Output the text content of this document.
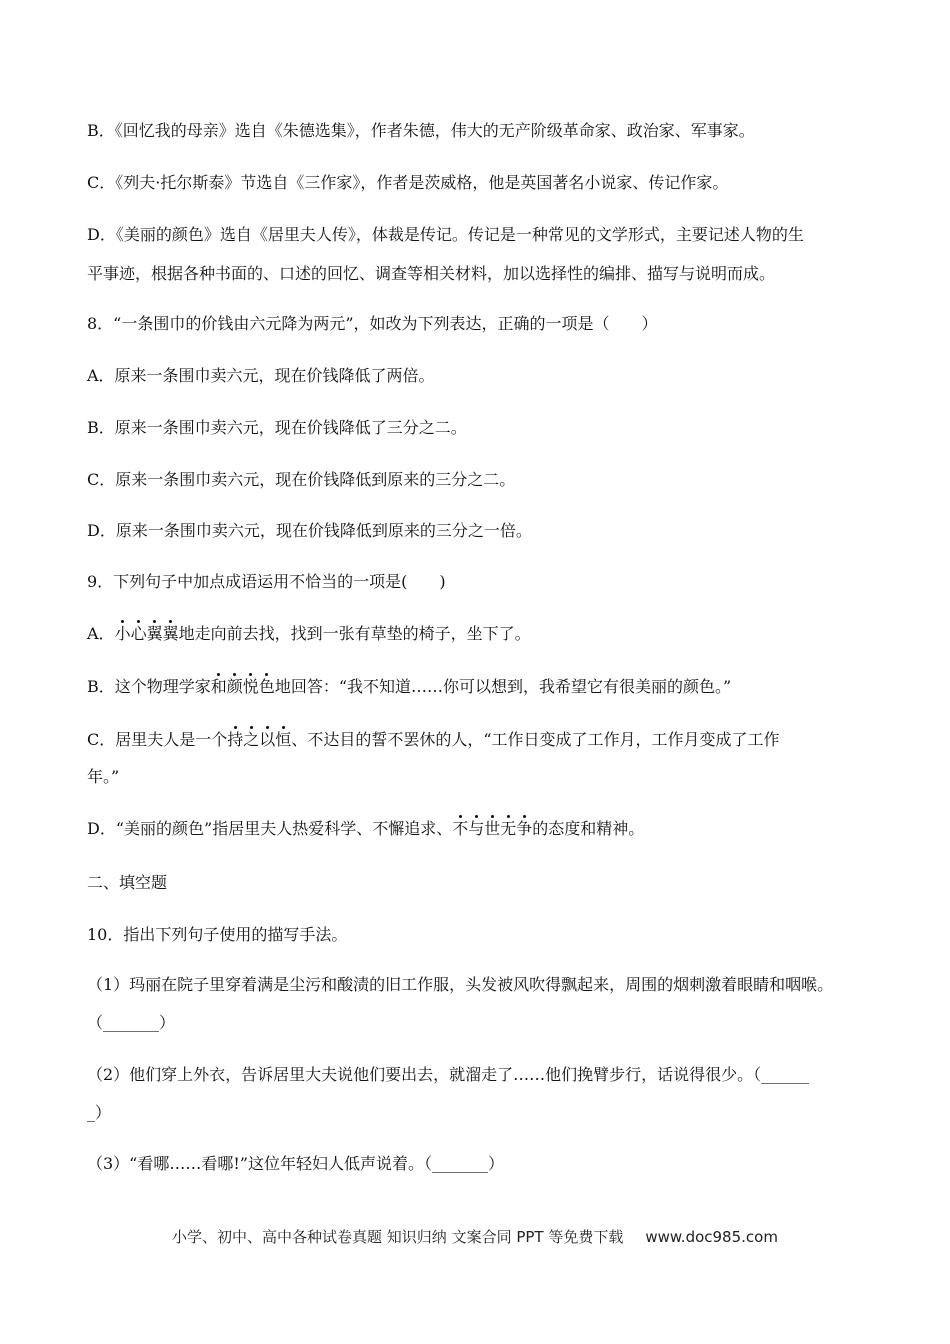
B．《回忆我的母亲》选自《朱德选集》，作者朱德，伟大的无产阶级革命家、政治家、军事家。
C．《列夫·托尔斯泰》节选自《三作家》，作者是茨威格，他是英国著名小说家、传记作家。
D．《美丽的颜色》选自《居里夫人传》，体裁是传记。传记是一种常见的文学形式，主要记述人物的生
平事迹，根据各种书面的、口述的回忆、调查等相关材料，加以选择性的编排、描写与说明而成。
8．“一条围巾的价钱由六元降为两元”，如改为下列表达，正确的一项是（　　）
A．原来一条围巾卖六元，现在价钱降低了两倍。
B．原来一条围巾卖六元，现在价钱降低了三分之二。
C．原来一条围巾卖六元，现在价钱降低到原来的三分之二。
D．原来一条围巾卖六元，现在价钱降低到原来的三分之一倍。
9．下列句子中加点成语运用不恰当的一项是(　　)
A．小心翼翼地走向前去找，找到一张有草垫的椅子，坐下了。
B．这个物理学家和颜悦色地回答：“我不知道……你可以想到，我希望它有很美丽的颜色。”
C．居里夫人是一个持之以恒、不达目的誓不罢休的人，“工作日变成了工作月，工作月变成了工作
年。”
D．“美丽的颜色”指居里夫人热爱科学、不懈追求、不与世无争的态度和精神。
二、填空题
10．指出下列句子使用的描写手法。
（1）玛丽在院子里穿着满是尘污和酸渍的旧工作服，头发被风吹得飘起来，周围的烟刺激着眼睛和咽喉。
（_______）
（2）他们穿上外衣，告诉居里大夫说他们要出去，就溜走了……他们挽臂步行，话说得很少。（______
_）
（3）“看哪……看哪!”这位年轻妇人低声说着。（_______）
小学、初中、高中各种试卷真题 知识归纳 文案合同 PPT 等免费下载 www.doc985.com
